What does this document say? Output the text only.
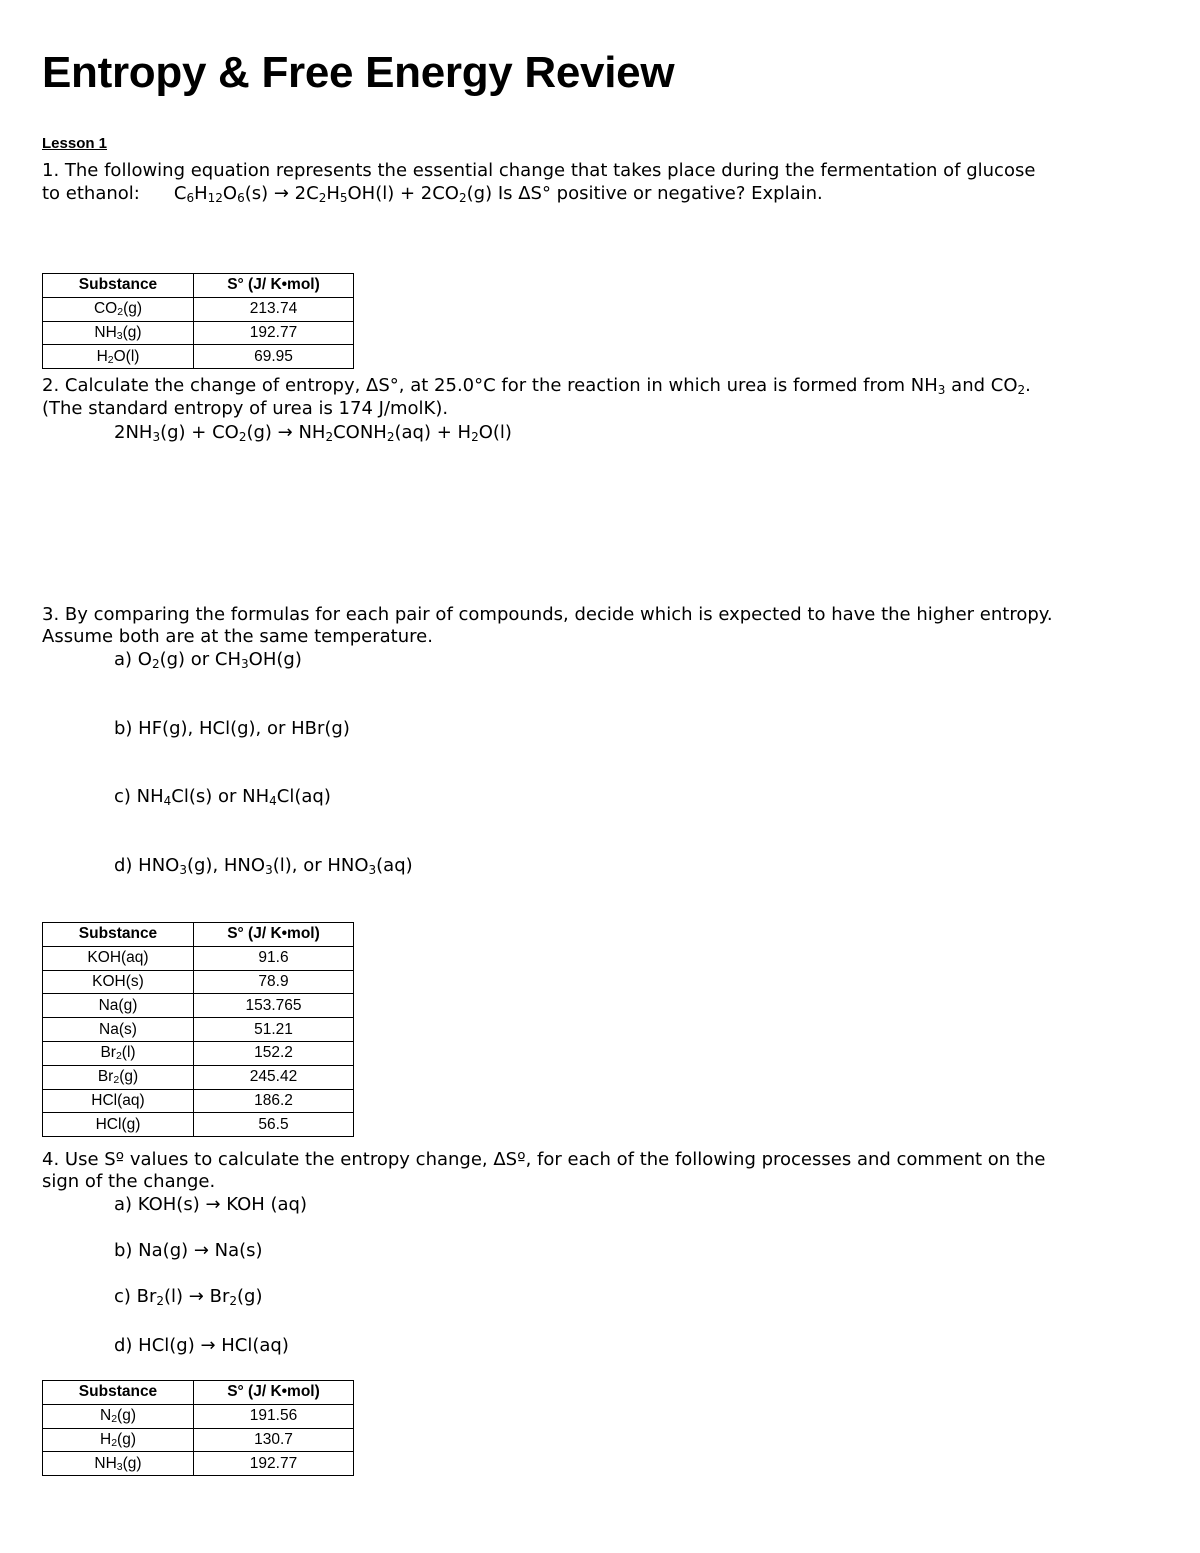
Entropy & Free Energy Review
Lesson 1
1. The following equation represents the essential change that takes place during the fermentation of glucose
to ethanol: $C_6H_{12}O_6(s) \to 2C_2H_5OH(l) + 2CO_2(g)$ Is ΔS° positive or negative? Explain.
Substance	S° (J/ K•mol)
$CO_2(g)$	213.74
$NH_3(g)$	192.77
$H_2O(l)$	69.95
2. Calculate the change of entropy, ΔS°, at 25.0°C for the reaction in which urea is formed from $NH_3$ and $CO_2$.
(The standard entropy of urea is 174 J/molK).
$2NH_3(g) + CO_2(g)$ → $NH_2CONH_2(aq) + H_2O(l)$
3. By comparing the formulas for each pair of compounds, decide which is expected to have the higher entropy.
Assume both are at the same temperature.
a) $O_2(g)$ or $CH_3OH(g)$
b) HF(g), HCl(g), or HBr(g)
c) $NH_4Cl(s)$ or $NH_4Cl(aq)$
d) $HNO_3(g)$, $HNO_3(l)$, or $HNO_3(aq)$
Substance	S° (J/ K•mol)
KOH(aq)	91.6
KOH(s)	78.9
Na(g)	153.765
Na(s)	51.21
$Br_2(l)$	152.2
$Br_2(g)$	245.42
HCl(aq)	186.2
HCl(g)	56.5
4. Use Sº values to calculate the entropy change, ΔSº, for each of the following processes and comment on the
sign of the change.
a) KOH(s) → KOH (aq)
b) Na(g) → Na(s)
c) $Br_2(l) \to Br_2(g)$
d) HCl(g) → HCl(aq)
Substance	S° (J/ K•mol)
$N_2(g)$	191.56
$H_2(g)$	130.7
$NH_3(g)$	192.77
